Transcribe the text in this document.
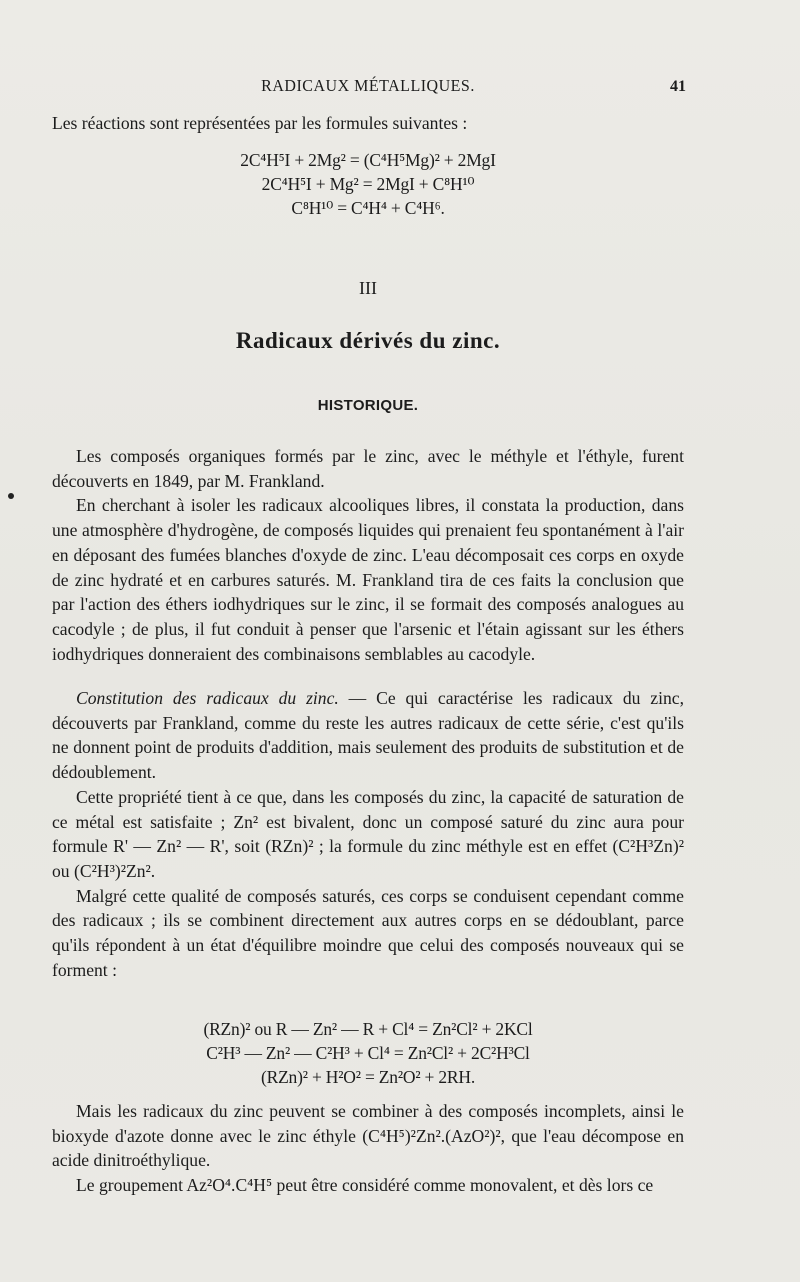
RADICAUX MÉTALLIQUES.	41

Les réactions sont représentées par les formules suivantes :

2C⁴H⁵I + 2Mg² = (C⁴H⁵Mg)² + 2MgI
2C⁴H⁵I + Mg² = 2MgI + C⁸H¹⁰
C⁸H¹⁰ = C⁴H⁴ + C⁴H⁶.
III
Radicaux dérivés du zinc.
HISTORIQUE.

Les composés organiques formés par le zinc, avec le méthyle et l'éthyle, furent découverts en 1849, par M. Frankland.

En cherchant à isoler les radicaux alcooliques libres, il constata la production, dans une atmosphère d'hydrogène, de composés liquides qui prenaient feu spontanément à l'air en déposant des fumées blanches d'oxyde de zinc. L'eau décomposait ces corps en oxyde de zinc hydraté et en carbures saturés. M. Frankland tira de ces faits la conclusion que par l'action des éthers iodhydriques sur le zinc, il se formait des composés analogues au cacodyle ; de plus, il fut conduit à penser que l'arsenic et l'étain agissant sur les éthers iodhydriques donneraient des combinaisons semblables au cacodyle.

Constitution des radicaux du zinc. — Ce qui caractérise les radicaux du zinc, découverts par Frankland, comme du reste les autres radicaux de cette série, c'est qu'ils ne donnent point de produits d'addition, mais seulement des produits de substitution et de dédoublement.

Cette propriété tient à ce que, dans les composés du zinc, la capacité de saturation de ce métal est satisfaite ; Zn² est bivalent, donc un composé saturé du zinc aura pour formule R' — Zn² — R', soit (RZn)² ; la formule du zinc méthyle est en effet (C²H³Zn)² ou (C²H³)²Zn².

Malgré cette qualité de composés saturés, ces corps se conduisent cependant comme des radicaux ; ils se combinent directement aux autres corps en se dédoublant, parce qu'ils répondent à un état d'équilibre moindre que celui des composés nouveaux qui se forment :

(RZn)² ou R — Zn² — R + Cl⁴ = Zn²Cl² + 2KCl
C²H³ — Zn² — C²H³ + Cl⁴ = Zn²Cl² + 2C²H³Cl
(RZn)² + H²O² = Zn²O² + 2RH.

Mais les radicaux du zinc peuvent se combiner à des composés incomplets, ainsi le bioxyde d'azote donne avec le zinc éthyle (C⁴H⁵)²Zn².(AzO²)², que l'eau décompose en acide dinitroéthylique.

Le groupement Az²O⁴.C⁴H⁵ peut être considéré comme monovalent, et dès lors ce
